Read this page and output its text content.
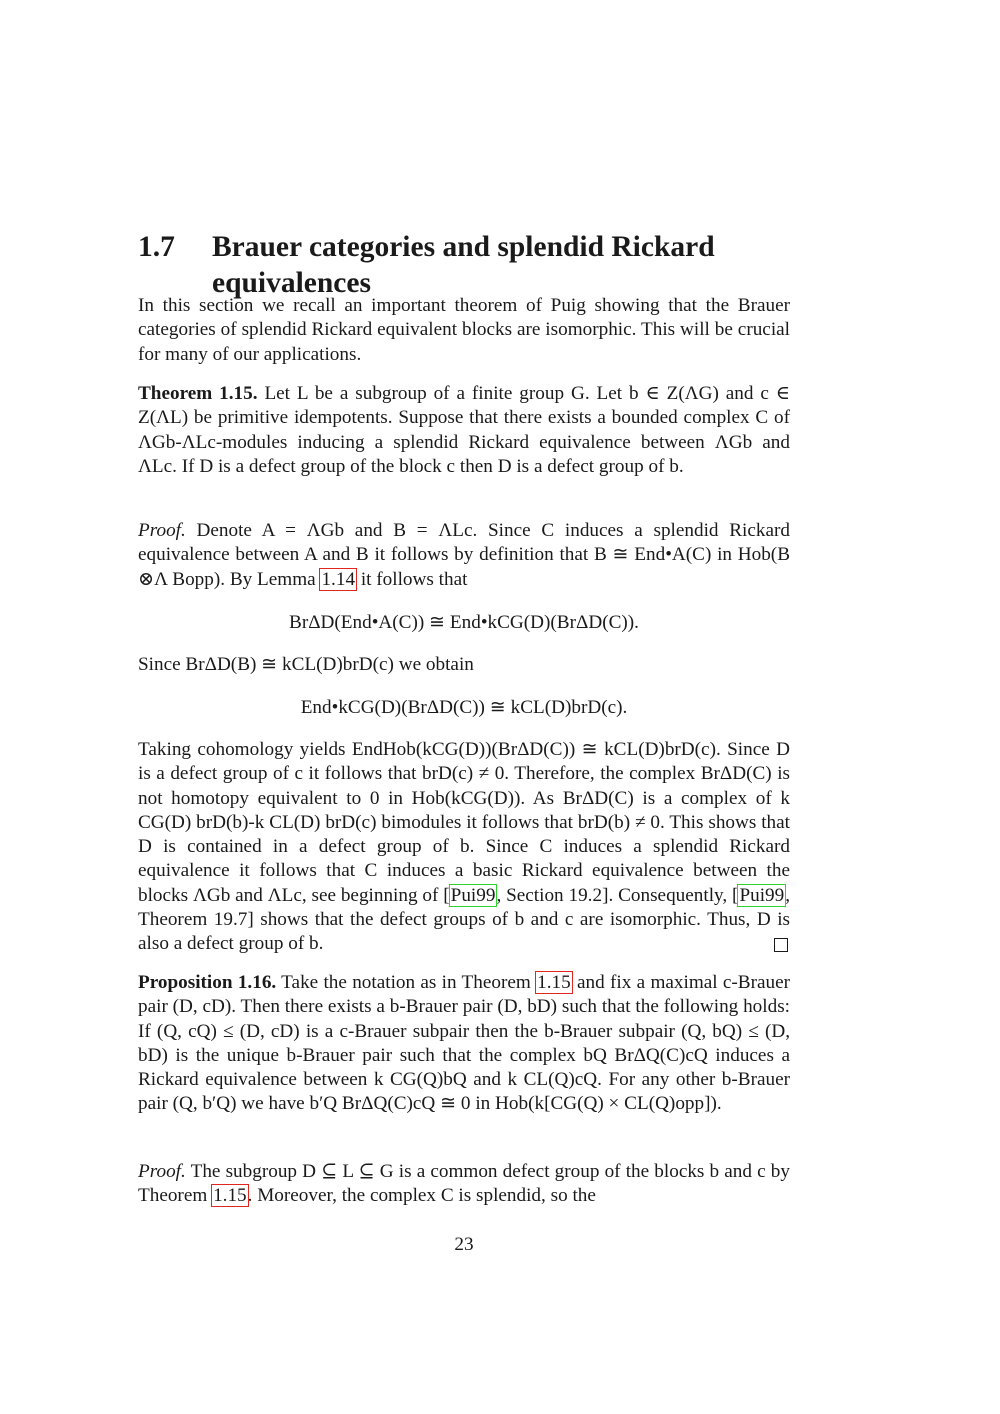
1.7 Brauer categories and splendid Rickard equivalences

In this section we recall an important theorem of Puig showing that the Brauer categories of splendid Rickard equivalent blocks are isomorphic. This will be crucial for many of our applications.

Theorem 1.15. Let L be a subgroup of a finite group G. Let b ∈ Z(ΛG) and c ∈ Z(ΛL) be primitive idempotents. Suppose that there exists a bounded complex C of ΛGb-ΛLc-modules inducing a splendid Rickard equivalence between ΛGb and ΛLc. If D is a defect group of the block c then D is a defect group of b.

Proof. Denote A = ΛGb and B = ΛLc. Since C induces a splendid Rickard equivalence between A and B it follows by definition that B ≅ End•A(C) in Hob(B ⊗Λ Bopp). By Lemma 1.14 it follows that

BrΔD(End•A(C)) ≅ End•kCG(D)(BrΔD(C)).

Since BrΔD(B) ≅ kCL(D)brD(c) we obtain

End•kCG(D)(BrΔD(C)) ≅ kCL(D)brD(c).

Taking cohomology yields EndHob(kCG(D))(BrΔD(C)) ≅ kCL(D)brD(c). Since D is a defect group of c it follows that brD(c) ≠ 0. Therefore, the complex BrΔD(C) is not homotopy equivalent to 0 in Hob(kCG(D)). As BrΔD(C) is a complex of k CG(D) brD(b)-k CL(D) brD(c) bimodules it follows that brD(b) ≠ 0. This shows that D is contained in a defect group of b. Since C induces a splendid Rickard equivalence it follows that C induces a basic Rickard equivalence between the blocks ΛGb and ΛLc, see beginning of [Pui99, Section 19.2]. Consequently, [Pui99, Theorem 19.7] shows that the defect groups of b and c are isomorphic. Thus, D is also a defect group of b.

Proposition 1.16. Take the notation as in Theorem 1.15 and fix a maximal c-Brauer pair (D, cD). Then there exists a b-Brauer pair (D, bD) such that the following holds: If (Q, cQ) ≤ (D, cD) is a c-Brauer subpair then the b-Brauer subpair (Q, bQ) ≤ (D, bD) is the unique b-Brauer pair such that the complex bQ BrΔQ(C)cQ induces a Rickard equivalence between k CG(Q)bQ and k CL(Q)cQ. For any other b-Brauer pair (Q, b′Q) we have b′Q BrΔQ(C)cQ ≅ 0 in Hob(k[CG(Q) × CL(Q)opp]).

Proof. The subgroup D ⊆ L ⊆ G is a common defect group of the blocks b and c by Theorem 1.15. Moreover, the complex C is splendid, so the

23
